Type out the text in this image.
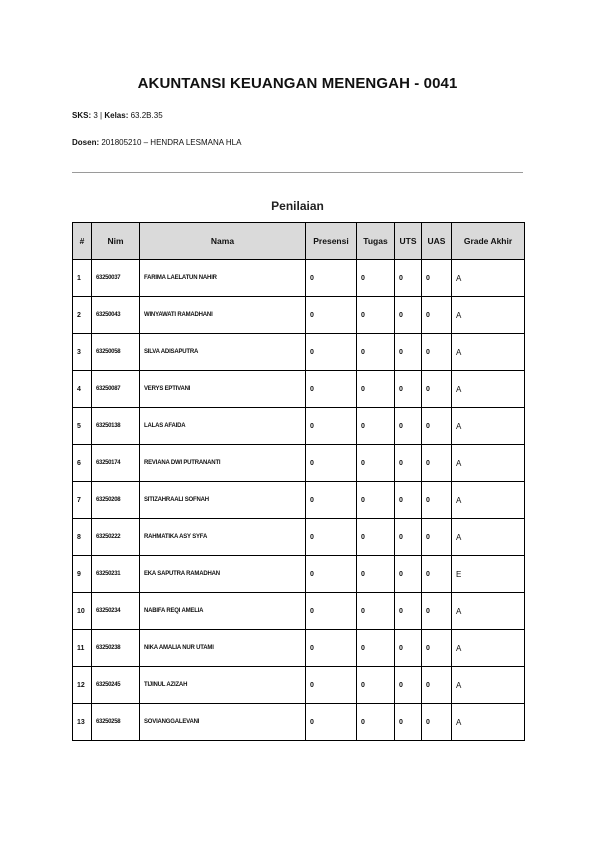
AKUNTANSI KEUANGAN MENENGAH - 0041
SKS: 3 | Kelas: 63.2B.35
Dosen: 201805210 – HENDRA LESMANA HLA
Penilaian
#	Nim	Nama	Presensi	Tugas	UTS	UAS	Grade Akhir
1	63250037	FARIMA LAELATUN NAHIR	0	0	0	0	A
2	63250043	WINYAWATI RAMADHANI	0	0	0	0	A
3	63250058	SILVA ADISAPUTRA	0	0	0	0	A
4	63250087	VERYS EPTIVANI	0	0	0	0	A
5	63250138	LALAS AFAIDA	0	0	0	0	A
6	63250174	REVIANA DWI PUTRANANTI	0	0	0	0	A
7	63250208	SITIZAHRAALI SOFNAH	0	0	0	0	A
8	63250222	RAHMATIKA ASY SYFA	0	0	0	0	A
9	63250231	EKA SAPUTRA RAMADHAN	0	0	0	0	E
10	63250234	NABIFA REQI AMELIA	0	0	0	0	A
11	63250238	NIKA AMALIA NUR UTAMI	0	0	0	0	A
12	63250245	TIJINUL AZIZAH	0	0	0	0	A
13	63250258	SOVIANGGALEVANI	0	0	0	0	A
